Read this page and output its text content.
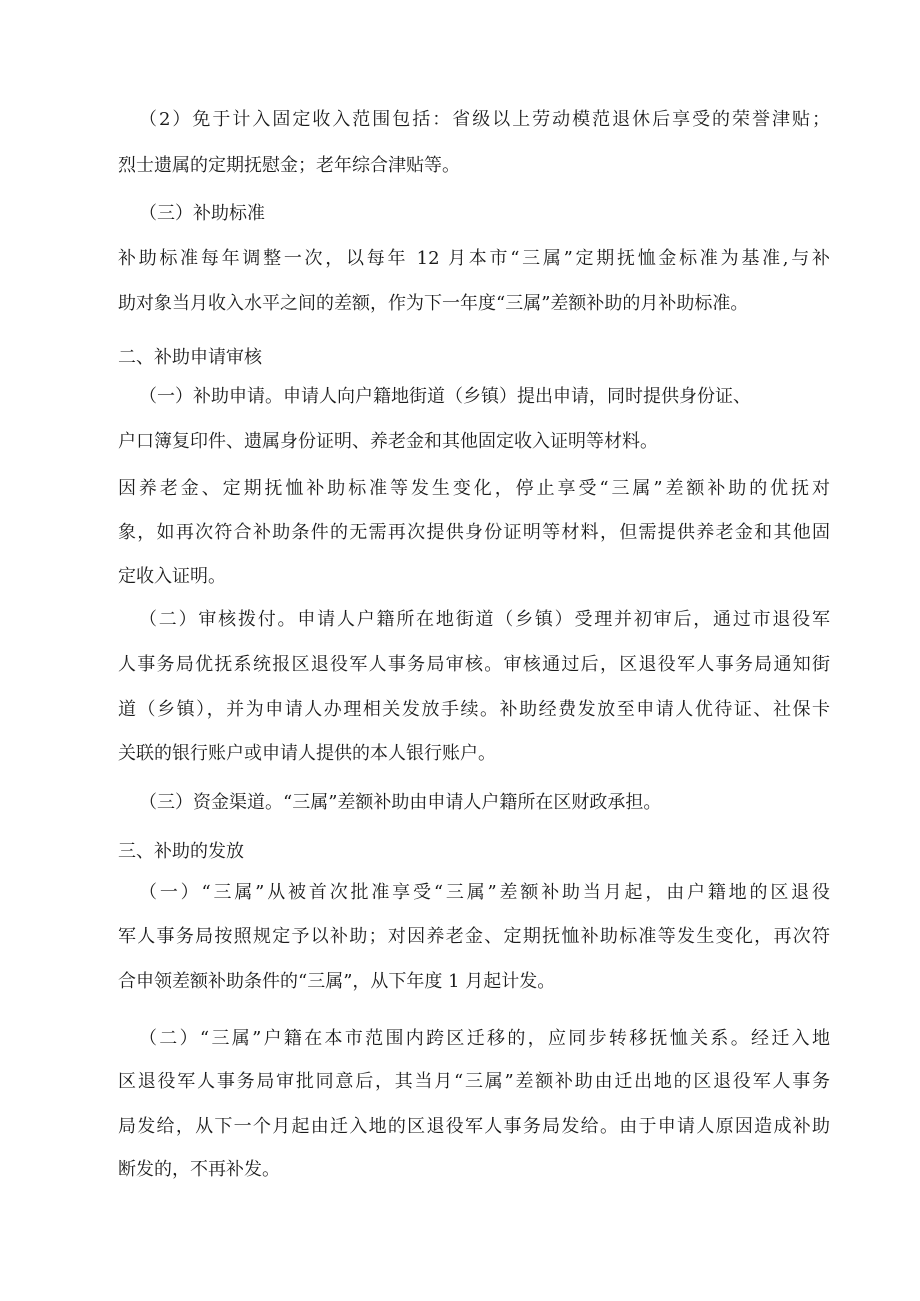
（2）免于计入固定收入范围包括：省级以上劳动模范退休后享受的荣誉津贴；

烈士遗属的定期抚慰金；老年综合津贴等。

（三）补助标准

补助标准每年调整一次，以每年 12 月本市“三属”定期抚恤金标准为基准,与补

助对象当月收入水平之间的差额，作为下一年度“三属”差额补助的月补助标准。

二、补助申请审核

（一）补助申请。申请人向户籍地街道（乡镇）提出申请，同时提供身份证、

户口簿复印件、遗属身份证明、养老金和其他固定收入证明等材料。

因养老金、定期抚恤补助标准等发生变化，停止享受“三属”差额补助的优抚对

象，如再次符合补助条件的无需再次提供身份证明等材料，但需提供养老金和其他固

定收入证明。

（二）审核拨付。申请人户籍所在地街道（乡镇）受理并初审后，通过市退役军

人事务局优抚系统报区退役军人事务局审核。审核通过后，区退役军人事务局通知街

道（乡镇），并为申请人办理相关发放手续。补助经费发放至申请人优待证、社保卡

关联的银行账户或申请人提供的本人银行账户。

（三）资金渠道。“三属”差额补助由申请人户籍所在区财政承担。

三、补助的发放

（一）“三属”从被首次批准享受“三属”差额补助当月起，由户籍地的区退役

军人事务局按照规定予以补助；对因养老金、定期抚恤补助标准等发生变化，再次符

合申领差额补助条件的“三属”，从下年度 1 月起计发。

（二）“三属”户籍在本市范围内跨区迁移的，应同步转移抚恤关系。经迁入地

区退役军人事务局审批同意后，其当月“三属”差额补助由迁出地的区退役军人事务

局发给，从下一个月起由迁入地的区退役军人事务局发给。由于申请人原因造成补助

断发的，不再补发。
